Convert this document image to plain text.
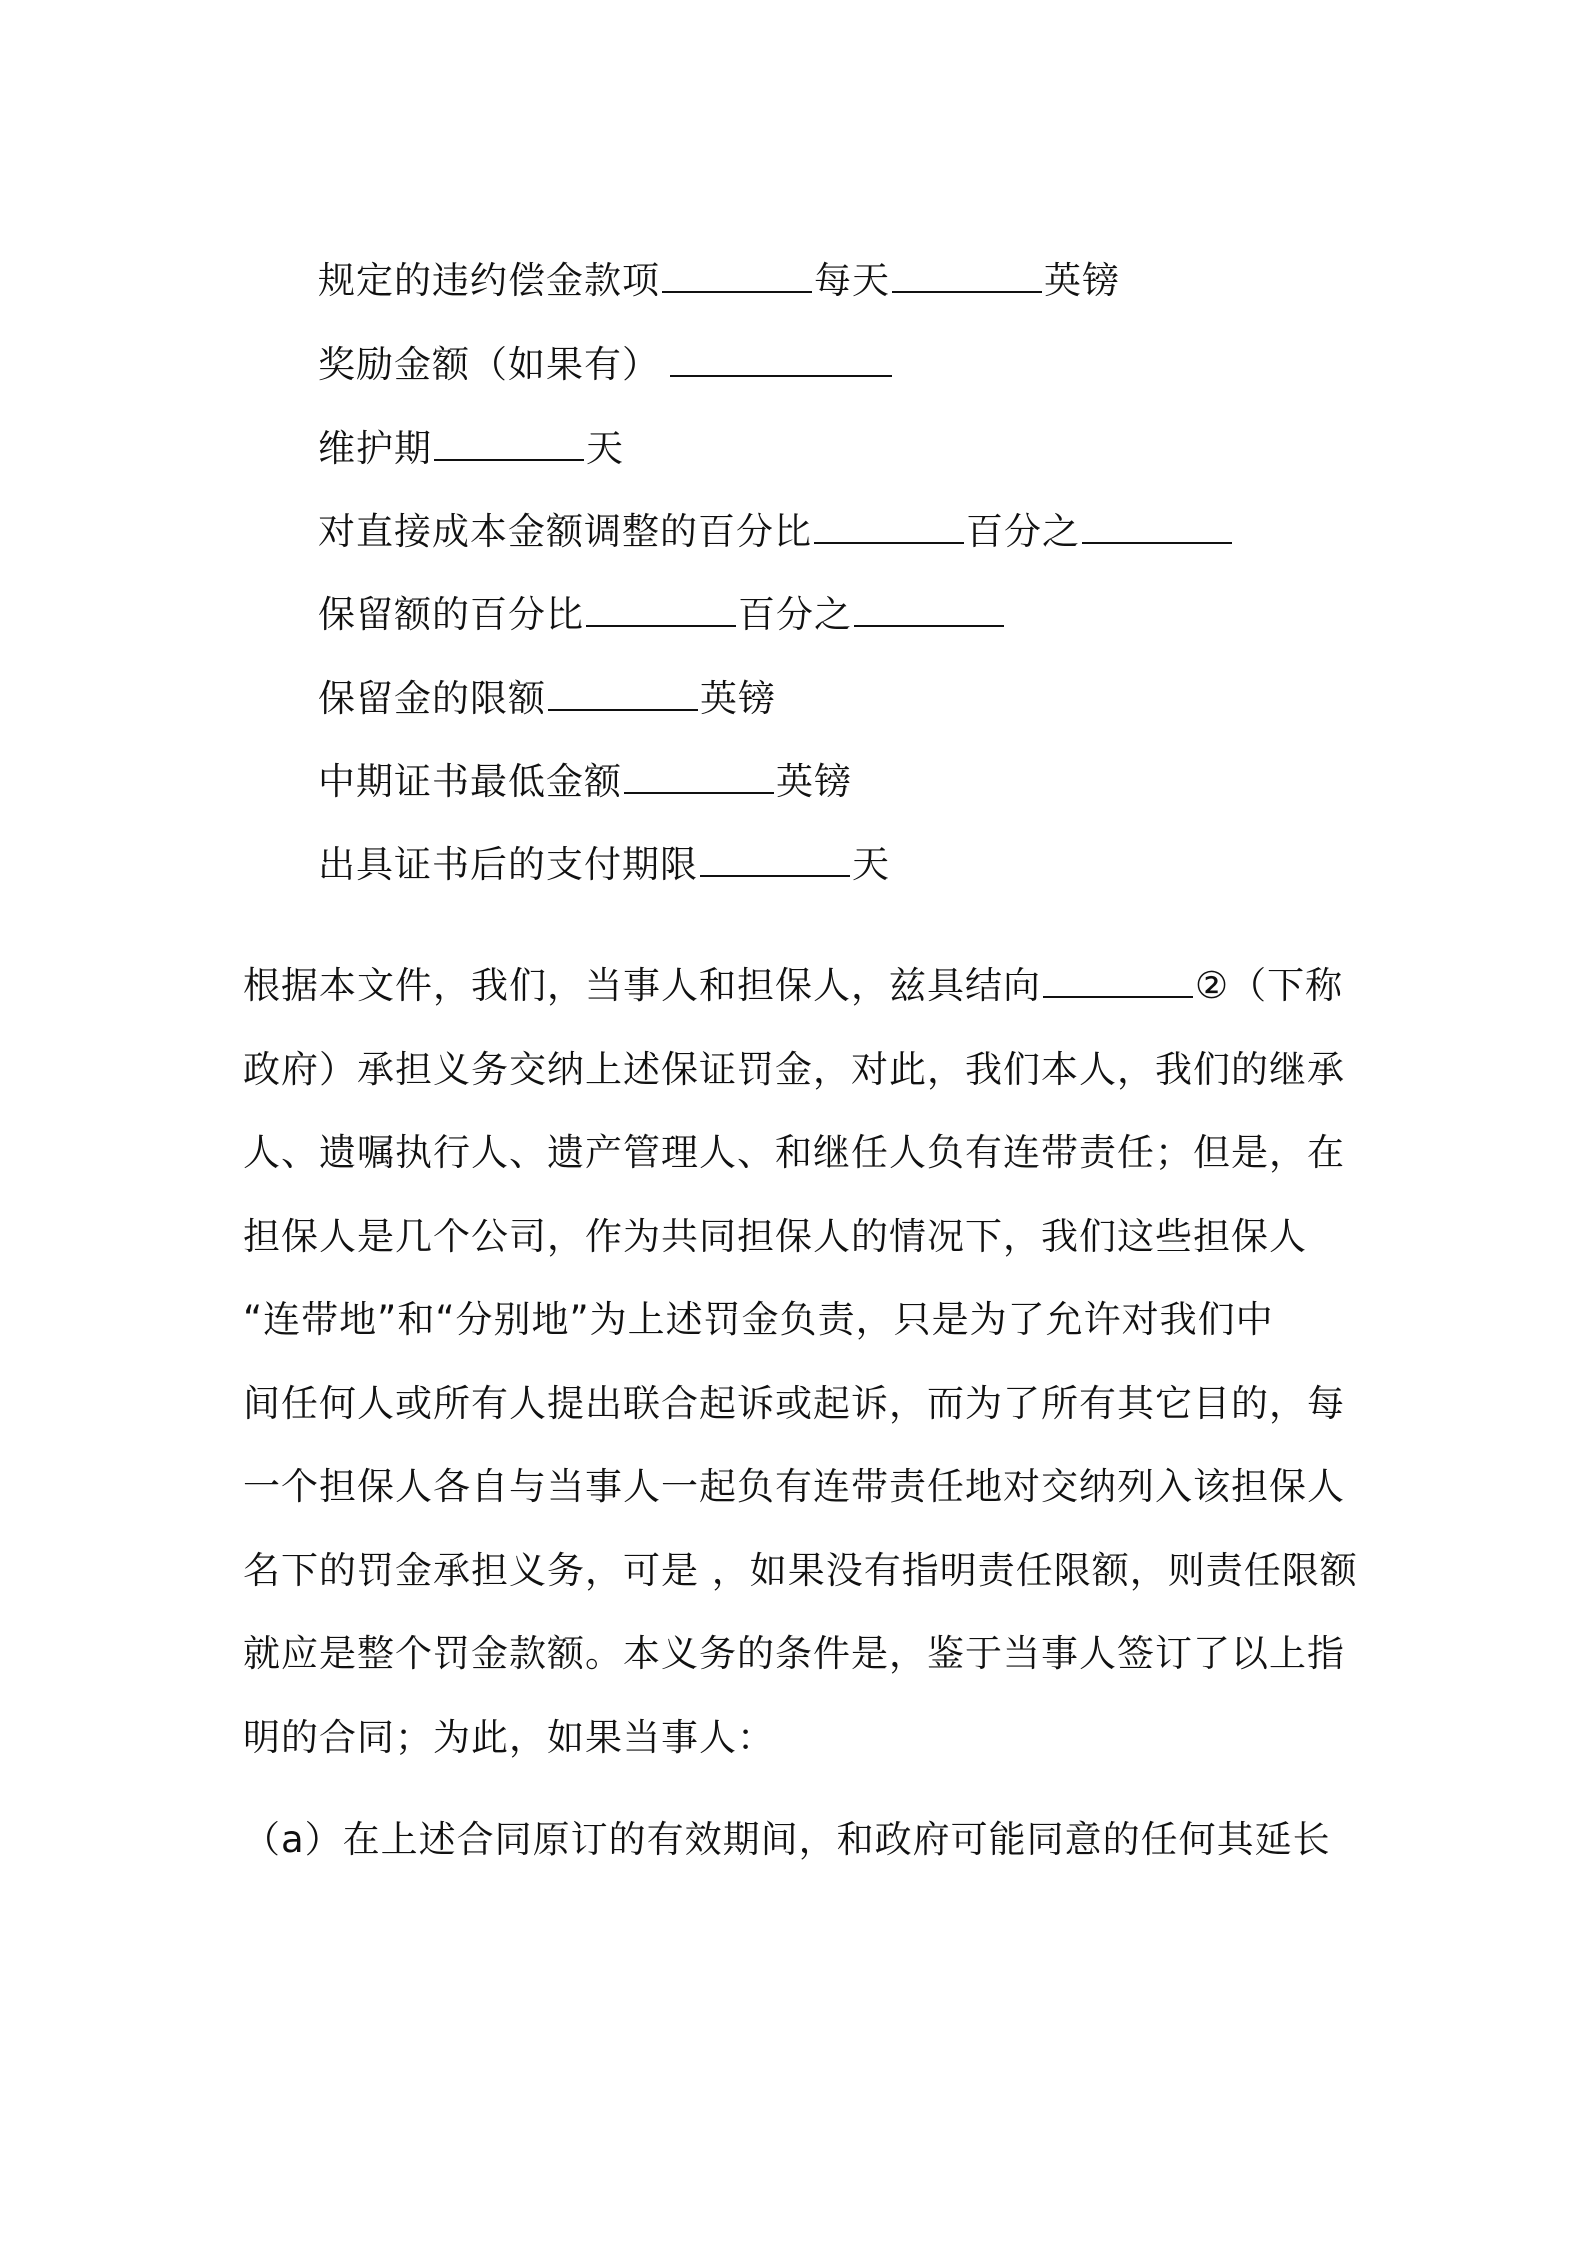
规定的违约偿金款项	每天	英镑
奖励金额（如果有）
维护期	天
对直接成本金额调整的百分比	百分之
保留额的百分比	百分之
保留金的限额	英镑
中期证书最低金额	英镑
出具证书后的支付期限	天
根据本文件，我们，当事人和担保人，兹具结向	②（下称
政府）承担义务交纳上述保证罚金，对此，我们本人，我们的继承
人、遗嘱执行人、遗产管理人、和继任人负有连带责任；但是，在
担保人是几个公司，作为共同担保人的情况下，我们这些担保人
“连带地”和“分别地”为上述罚金负责，只是为了允许对我们中
间任何人或所有人提出联合起诉或起诉，而为了所有其它目的，每
一个担保人各自与当事人一起负有连带责任地对交纳列入该担保人
名下的罚金承担义务，可是 ，如果没有指明责任限额，则责任限额
就应是整个罚金款额。本义务的条件是，鉴于当事人签订了以上指
明的合同；为此，如果当事人：
（a）在上述合同原订的有效期间，和政府可能同意的任何其延长
